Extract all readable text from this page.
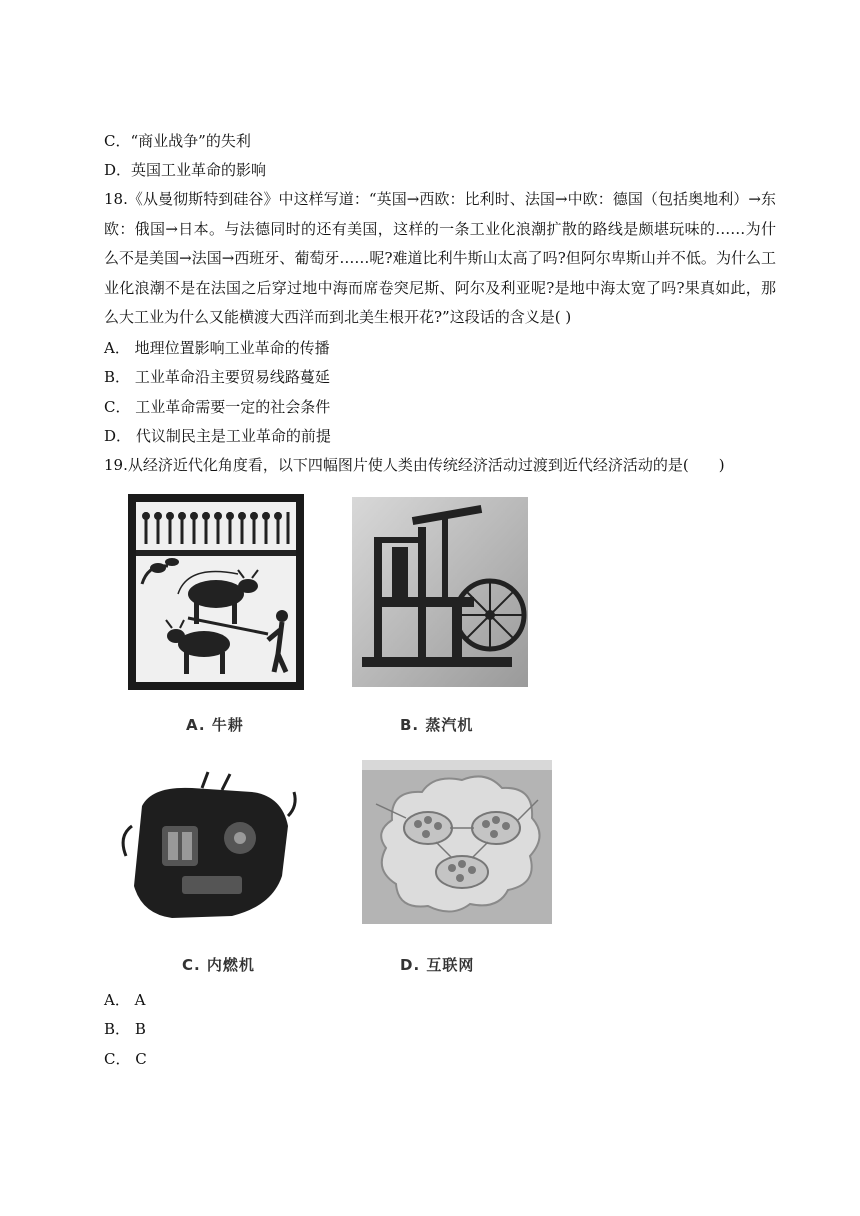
C．“商业战争”的失利
D．英国工业革命的影响
18.《从曼彻斯特到硅谷》中这样写道：“英国→西欧：比利时、法国→中欧：德国（包括奥地利）→东欧：俄国→日本。与法德同时的还有美国，这样的一条工业化浪潮扩散的路线是颇堪玩味的……为什么不是美国→法国→西班牙、葡萄牙……呢?难道比利牛斯山太高了吗?但阿尔卑斯山并不低。为什么工业化浪潮不是在法国之后穿过地中海而席卷突尼斯、阿尔及利亚呢?是地中海太宽了吗?果真如此，那么大工业为什么又能横渡大西洋而到北美生根开花?”这段话的含义是( )
A． 地理位置影响工业革命的传播
B． 工业革命沿主要贸易线路蔓延
C． 工业革命需要一定的社会条件
D． 代议制民主是工业革命的前提
19.从经济近代化角度看，以下四幅图片使人类由传统经济活动过渡到近代经济活动的是(　　)
A. 牛耕	B. 蒸汽机
C. 内燃机	D. 互联网
A． A
B． B
C． C
